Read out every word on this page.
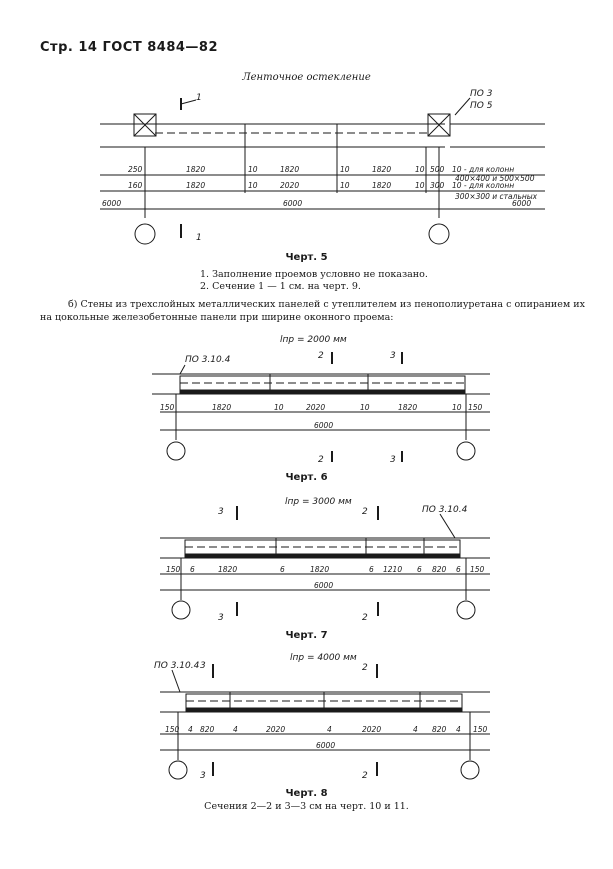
Стр. 14 ГОСТ 8484—82
Ленточное остекление
1
1
ПО 3
ПО 5
250	1820	10	1820	10	1820	10 500
160	1820	10	2020	10	1820	10 300
10 - для колонн
400×400 и 500×500
10 - для колонн
300×300 и стальных
6000	6000	6000
Черт. 5
1. Заполнение проемов условно не показано.
2. Сечение 1 — 1 см. на черт. 9.
б) Стены из трехслойных металлических панелей с утеплителем из пенополиуретана с опиранием их на цокольные железобетонные панели при ширине оконного проема:
lпр = 2000 мм
ПО 3.10.4	2
2
3
3
150	1820	10	2020	10	1820	10 150
6000
Черт. 6
lпр = 3000 мм
ПО 3.10.4
3
3
2
2
150 6	1820	6	1820	6 1210 6 820 6 150
6000
Черт. 7
lпр = 4000 мм
ПО 3.10.4 3
3
2
2
150 4 820 4	2020	4	2020	4 820 4 150
6000
Черт. 8
Сечения 2—2 и 3—3 см на черт. 10 и 11.
